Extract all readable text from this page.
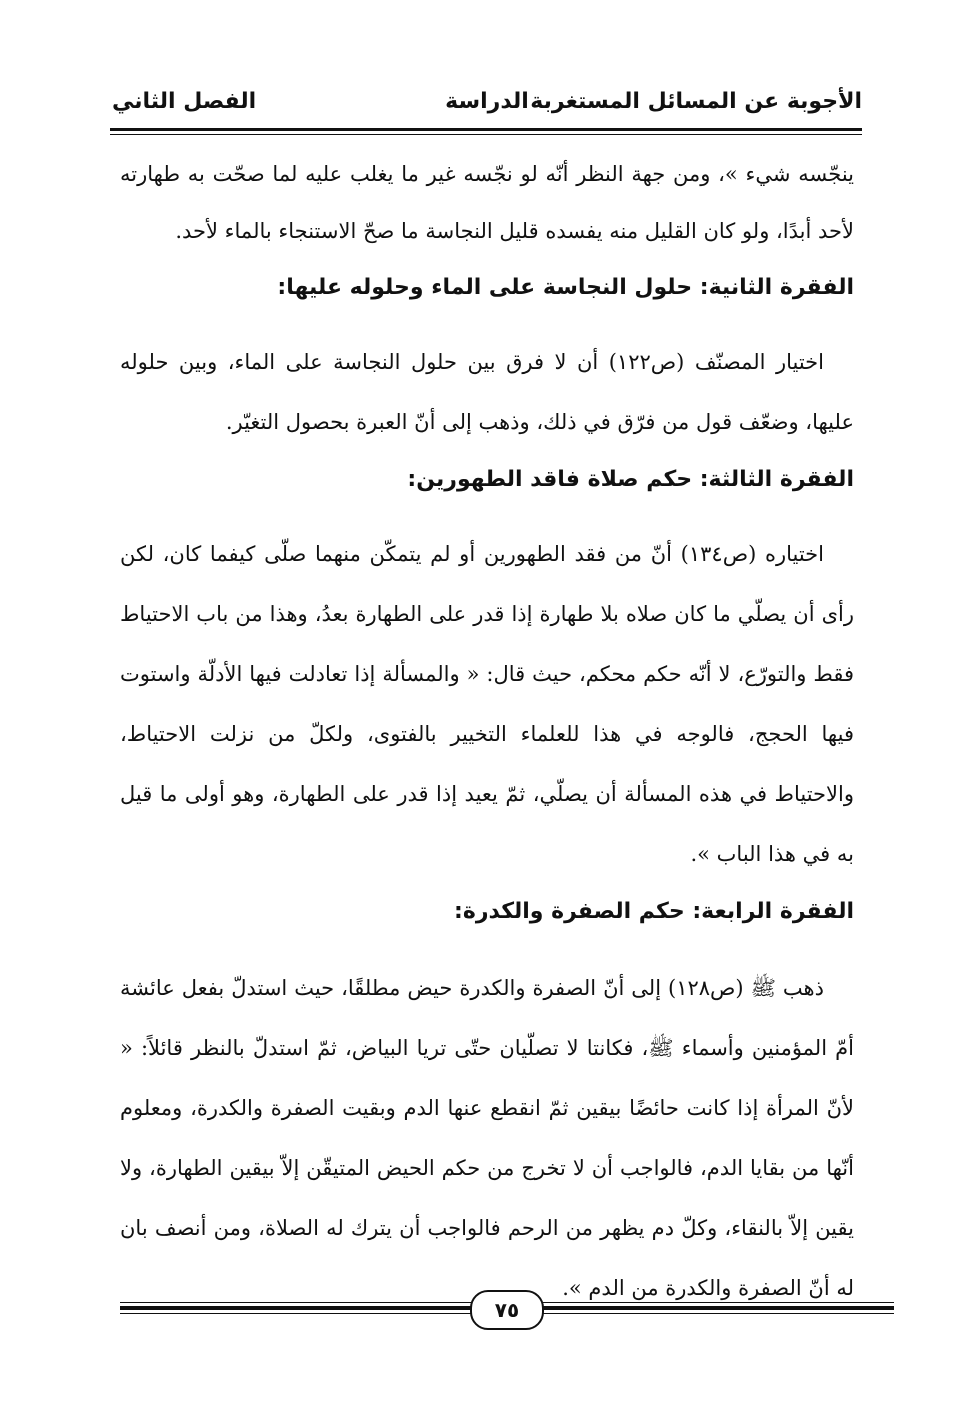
الأجوبة عن المسائل المستغربة
الدراسة
الفصل الثاني

ينجّسه شيء »، ومن جهة النظر أنّه لو نجّسه غير ما يغلب عليه لما صحّت به طهارته لأحد أبدًا، ولو كان القليل منه يفسده قليل النجاسة ما صحّ الاستنجاء بالماء لأحد.

الفقرة الثانية: حلول النجاسة على الماء وحلوله عليها:

اختيار المصنّف (ص١٢٢) أن لا فرق بين حلول النجاسة على الماء، وبين حلوله عليها، وضعّف قول من فرّق في ذلك، وذهب إلى أنّ العبرة بحصول التغيّر.

الفقرة الثالثة: حكم صلاة فاقد الطهورين:

اختياره (ص١٣٤) أنّ من فقد الطهورين أو لم يتمكّن منهما صلّى كيفما كان، لكن رأى أن يصلّي ما كان صلاه بلا طهارة إذا قدر على الطهارة بعدُ، وهذا من باب الاحتياط فقط والتورّع، لا أنّه حكم محكم، حيث قال: « والمسألة إذا تعادلت فيها الأدلّة واستوت فيها الحجج، فالوجه في هذا للعلماء التخيير بالفتوى، ولكلّ من نزلت الاحتياط، والاحتياط في هذه المسألة أن يصلّي، ثمّ يعيد إذا قدر على الطهارة، وهو أولى ما قيل به في هذا الباب ».

الفقرة الرابعة: حكم الصفرة والكدرة:

ذهب ﷺ (ص١٢٨) إلى أنّ الصفرة والكدرة حيض مطلقًا، حيث استدلّ بفعل عائشة أمّ المؤمنين وأسماء ﷺ، فكانتا لا تصلّيان حتّى تريا البياض، ثمّ استدلّ بالنظر قائلاً: « لأنّ المرأة إذا كانت حائضًا بيقين ثمّ انقطع عنها الدم وبقيت الصفرة والكدرة، ومعلوم أنّها من بقايا الدم، فالواجب أن لا تخرج من حكم الحيض المتيقّن إلاّ بيقين الطهارة، ولا يقين إلاّ بالنقاء، وكلّ دم يظهر من الرحم فالواجب أن يترك له الصلاة، ومن أنصف بان له أنّ الصفرة والكدرة من الدم ».

٧٥
